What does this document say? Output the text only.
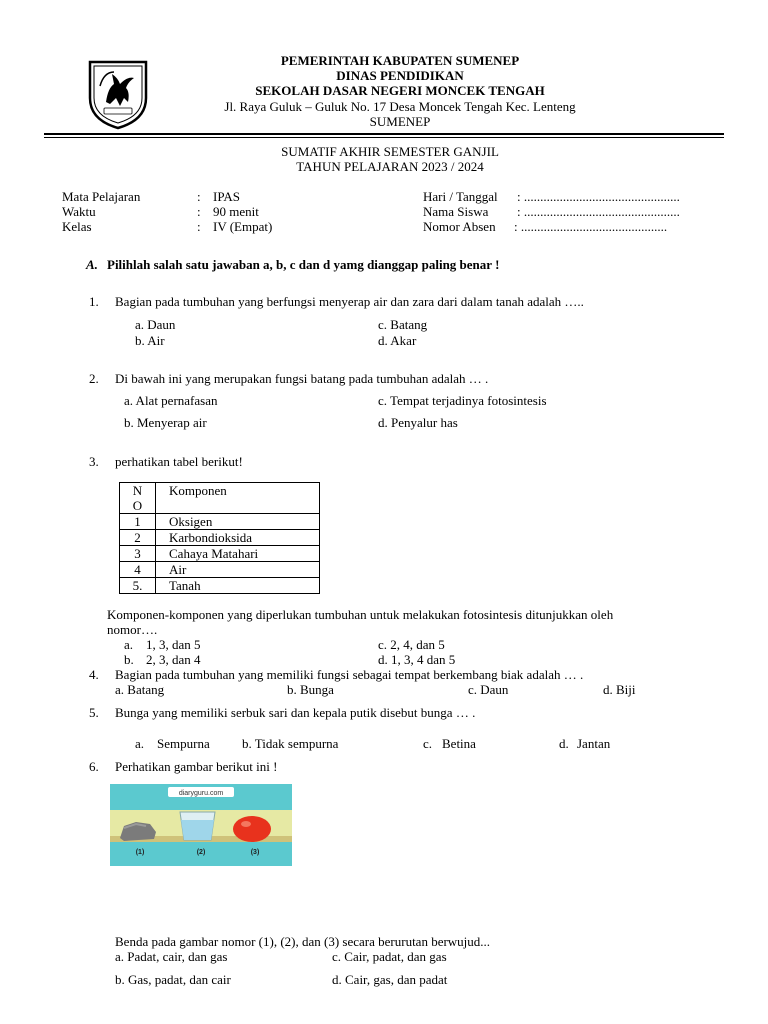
PEMERINTAH KABUPATEN SUMENEP
DINAS PENDIDIKAN
SEKOLAH DASAR NEGERI MONCEK TENGAH
Jl. Raya Guluk – Guluk No. 17 Desa Moncek Tengah Kec. Lenteng
SUMENEP
SUMATIF AKHIR SEMESTER GANJIL
TAHUN PELAJARAN 2023 / 2024
Mata Pelajaran	: IPAS
Waktu	: 90 menit
Kelas	: IV (Empat)
Hari / Tanggal : ................................................
Nama Siswa : ................................................
Nomor Absen : .............................................
A. Pilihlah salah satu jawaban a, b, c dan d yamg dianggap paling benar !
1. Bagian pada tumbuhan yang berfungsi menyerap air dan zara dari dalam tanah adalah …..
a. Daun
b. Air
c. Batang
d. Akar
2. Di bawah ini yang merupakan fungsi batang pada tumbuhan adalah … .
a. Alat pernafasan
b. Menyerap air
c. Tempat terjadinya fotosintesis
d. Penyalur has
3. perhatikan tabel berikut!
N
O	Komponen
1	Oksigen
2	Karbondioksida
3	Cahaya Matahari
4	Air
5.	Tanah
Komponen-komponen yang diperlukan tumbuhan untuk melakukan fotosintesis ditunjukkan oleh
nomor….
a. 1, 3, dan 5
b. 2, 3, dan 4
c. 2, 4, dan 5
d. 1, 3, 4 dan 5
4. Bagian pada tumbuhan yang memiliki fungsi sebagai tempat berkembang biak adalah … .
a. Batang	b. Bunga	c. Daun	d. Biji
5. Bunga yang memiliki serbuk sari dan kepala putik disebut bunga … .
a. Sempurna b. Tidak sempurna	c. Betina	d. Jantan
6. Perhatikan gambar berikut ini !
diaryguru.com
(1)	(2)	(3)
Benda pada gambar nomor (1), (2), dan (3) secara berurutan berwujud...
a. Padat, cair, dan gas
b. Gas, padat, dan cair
c. Cair, padat, dan gas
d. Cair, gas, dan padat
